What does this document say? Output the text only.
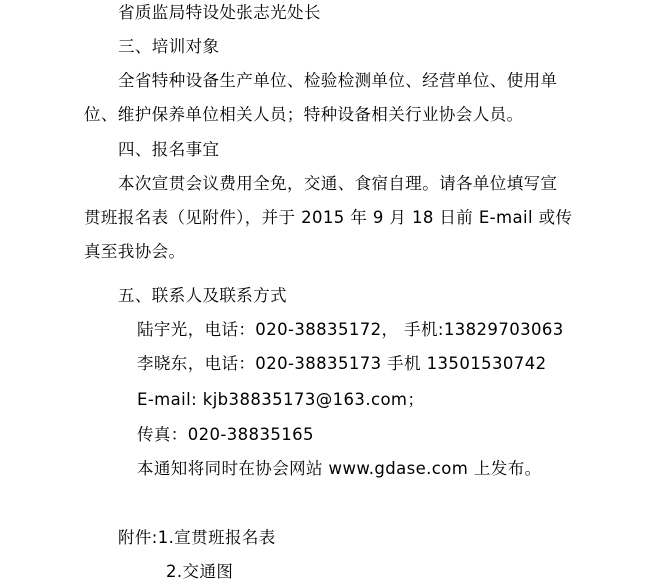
省质监局特设处张志光处长
三、培训对象
全省特种设备生产单位、检验检测单位、经营单位、使用单
位、维护保养单位相关人员；特种设备相关行业协会人员。
四、报名事宜
本次宣贯会议费用全免，交通、食宿自理。请各单位填写宣
贯班报名表（见附件），并于 2015 年 9 月 18 日前 E-mail 或传
真至我协会。
五、联系人及联系方式
陆宇光，电话：020-38835172， 手机:13829703063
李晓东，电话：020-38835173 手机 13501530742
E-mail: kjb38835173@163.com；
传真：020-38835165
本通知将同时在协会网站 www.gdase.com 上发布。
附件:1.宣贯班报名表
2.交通图
